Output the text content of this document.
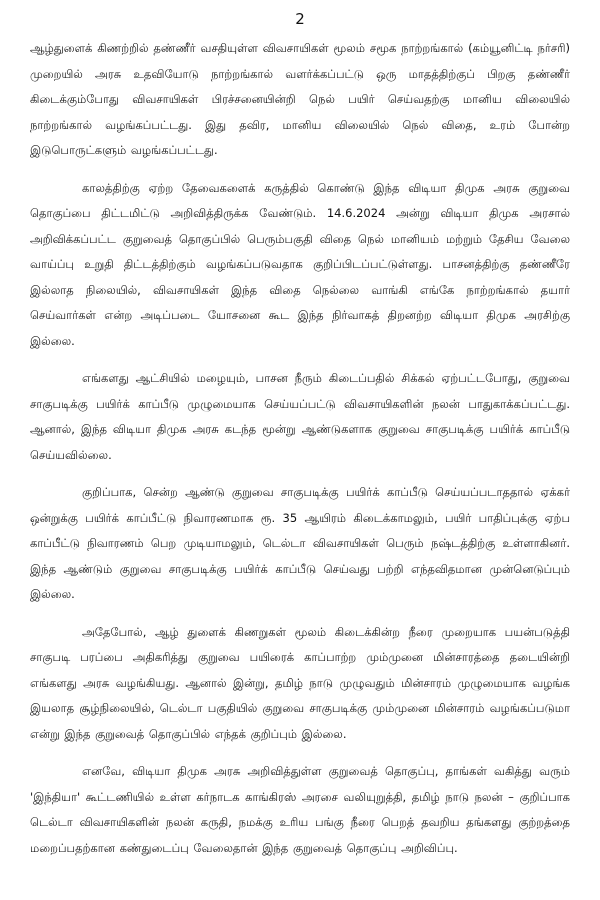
2

ஆழ்துளைக் கிணற்றில் தண்ணீர் வசதியுள்ள விவசாயிகள் மூலம் சமூக நாற்றங்கால் (கம்யூனிட்டி நர்சரி) முறையில் அரசு உதவியோடு நாற்றங்கால் வளர்க்கப்பட்டு ஒரு மாதத்திற்குப் பிறகு தண்ணீர் கிடைக்கும்போது விவசாயிகள் பிரச்சனையின்றி நெல் பயிர் செய்வதற்கு மானிய விலையில் நாற்றங்கால் வழங்கப்பட்டது. இது தவிர, மானிய விலையில் நெல் விதை, உரம் போன்ற இடுபொருட்களும் வழங்கப்பட்டது.

காலத்திற்கு ஏற்ற தேவைகளைக் கருத்தில் கொண்டு இந்த விடியா திமுக அரசு குறுவை தொகுப்பை திட்டமிட்டு அறிவித்திருக்க வேண்டும். 14.6.2024 அன்று விடியா திமுக அரசால் அறிவிக்கப்பட்ட குறுவைத் தொகுப்பில் பெரும்பகுதி விதை நெல் மானியம் மற்றும் தேசிய வேலை வாய்ப்பு உறுதி திட்டத்திற்கும் வழங்கப்படுவதாக குறிப்பிடப்பட்டுள்ளது. பாசனத்திற்கு தண்ணீரே இல்லாத நிலையில், விவசாயிகள் இந்த விதை நெல்லை வாங்கி எங்கே நாற்றங்கால் தயார் செய்வார்கள் என்ற அடிப்படை யோசனை கூட இந்த நிர்வாகத் திறனற்ற விடியா திமுக அரசிற்கு இல்லை.

எங்களது ஆட்சியில் மழையும், பாசன நீரும் கிடைப்பதில் சிக்கல் ஏற்பட்டபோது, குறுவை சாகுபடிக்கு பயிர்க் காப்பீடு முழுமையாக செய்யப்பட்டு விவசாயிகளின் நலன் பாதுகாக்கப்பட்டது. ஆனால், இந்த விடியா திமுக அரசு கடந்த மூன்று ஆண்டுகளாக குறுவை சாகுபடிக்கு பயிர்க் காப்பீடு செய்யவில்லை.

குறிப்பாக, சென்ற ஆண்டு குறுவை சாகுபடிக்கு பயிர்க் காப்பீடு செய்யப்படாததால் ஏக்கர் ஒன்றுக்கு பயிர்க் காப்பீட்டு நிவாரணமாக ரூ. 35 ஆயிரம் கிடைக்காமலும், பயிர் பாதிப்புக்கு ஏற்ப காப்பீட்டு நிவாரணம் பெற முடியாமலும், டெல்டா விவசாயிகள் பெரும் நஷ்டத்திற்கு உள்ளாகினர். இந்த ஆண்டும் குறுவை சாகுபடிக்கு பயிர்க் காப்பீடு செய்வது பற்றி எந்தவிதமான முன்னெடுப்பும் இல்லை.

அதேபோல், ஆழ் துளைக் கிணறுகள் மூலம் கிடைக்கின்ற நீரை முறையாக பயன்படுத்தி சாகுபடி பரப்பை அதிகரித்து குறுவை பயிரைக் காப்பாற்ற மும்முனை மின்சாரத்தை தடையின்றி எங்களது அரசு வழங்கியது. ஆனால் இன்று, தமிழ் நாடு முழுவதும் மின்சாரம் முழுமையாக வழங்க இயலாத சூழ்நிலையில், டெல்டா பகுதியில் குறுவை சாகுபடிக்கு மும்முனை மின்சாரம் வழங்கப்படுமா என்று இந்த குறுவைத் தொகுப்பில் எந்தக் குறிப்பும் இல்லை.

எனவே, விடியா திமுக அரசு அறிவித்துள்ள குறுவைத் தொகுப்பு, தாங்கள் வகித்து வரும் 'இந்தியா' கூட்டணியில் உள்ள கர்நாடக காங்கிரஸ் அரசை வலியுறுத்தி, தமிழ் நாடு நலன் – குறிப்பாக டெல்டா விவசாயிகளின் நலன் கருதி, நமக்கு உரிய பங்கு நீரை பெறத் தவறிய தங்களது குற்றத்தை மறைப்பதற்கான கண்துடைப்பு வேலைதான் இந்த குறுவைத் தொகுப்பு அறிவிப்பு.
